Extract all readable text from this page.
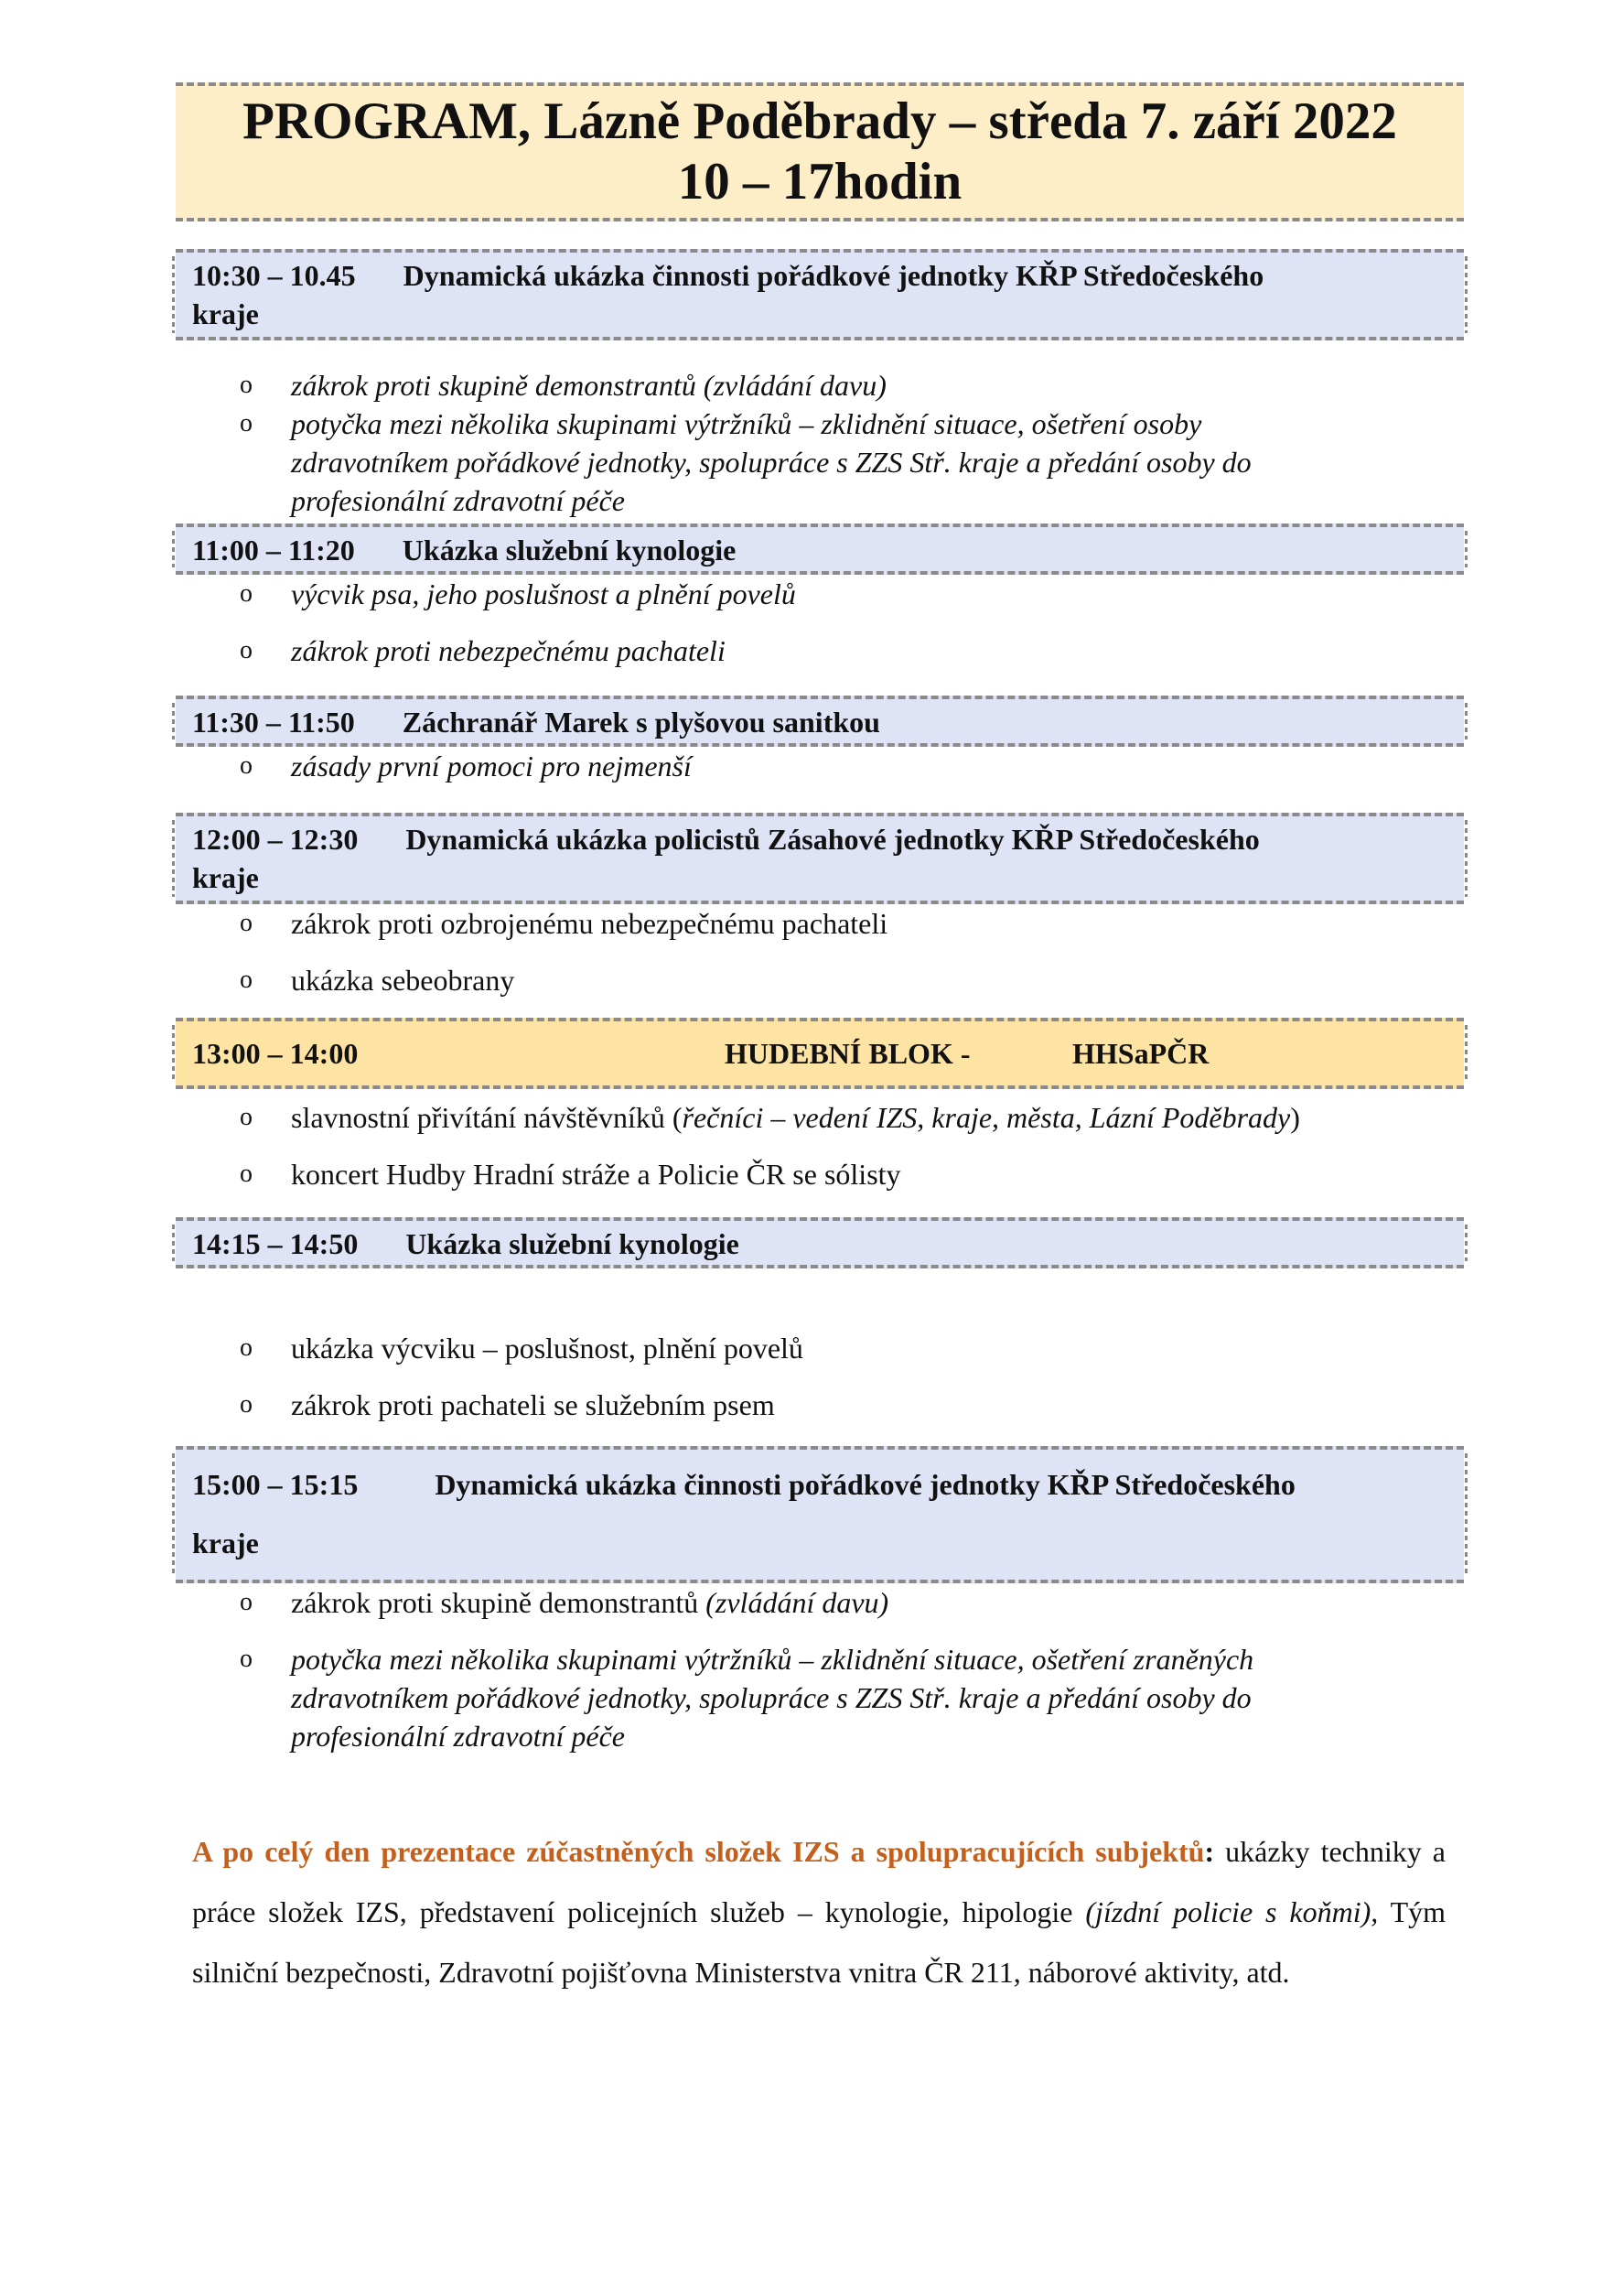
PROGRAM, Lázně Poděbrady – středa 7. září 2022
10 – 17hodin
10:30 – 10.45 Dynamická ukázka činnosti pořádkové jednotky KŘP Středočeského
kraje
o zákrok proti skupině demonstrantů (zvládání davu)
o potyčka mezi několika skupinami výtržníků – zklidnění situace, ošetření osoby
zdravotníkem pořádkové jednotky, spolupráce s ZZS Stř. kraje a předání osoby do
profesionální zdravotní péče
11:00 – 11:20 Ukázka služební kynologie
o výcvik psa, jeho poslušnost a plnění povelů
o zákrok proti nebezpečnému pachateli
11:30 – 11:50 Záchranář Marek s plyšovou sanitkou
o zásady první pomoci pro nejmenší
12:00 – 12:30 Dynamická ukázka policistů Zásahové jednotky KŘP Středočeského
kraje
o zákrok proti ozbrojenému nebezpečnému pachateli
o ukázka sebeobrany
13:00 – 14:00	HUDEBNÍ BLOK -	HHSaPČR
o slavnostní přivítání návštěvníků (řečníci – vedení IZS, kraje, města, Lázní Poděbrady)
o koncert Hudby Hradní stráže a Policie ČR se sólisty
14:15 – 14:50 Ukázka služební kynologie
o ukázka výcviku – poslušnost, plnění povelů
o zákrok proti pachateli se služebním psem
15:00 – 15:15	Dynamická ukázka činnosti pořádkové jednotky KŘP Středočeského
kraje
o zákrok proti skupině demonstrantů (zvládání davu)
o potyčka mezi několika skupinami výtržníků – zklidnění situace, ošetření zraněných
zdravotníkem pořádkové jednotky, spolupráce s ZZS Stř. kraje a předání osoby do
profesionální zdravotní péče
A po celý den prezentace zúčastněných složek IZS a spolupracujících subjektů: ukázky techniky a práce složek IZS, představení policejních služeb – kynologie, hipologie (jízdní policie s koňmi), Tým silniční bezpečnosti, Zdravotní pojišťovna Ministerstva vnitra ČR 211, náborové aktivity, atd.
